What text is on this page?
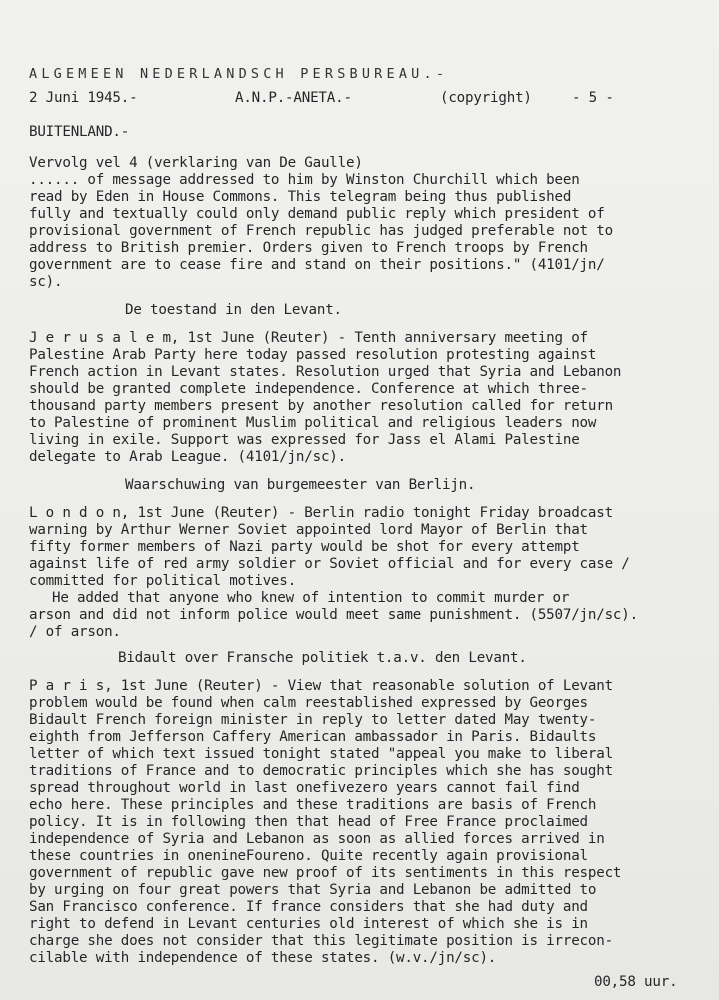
ALGEMEEN NEDERLANDSCH PERSBUREAU.-
2 Juni 1945.-	A.N.P.-ANETA.-	(copyright)	- 5 -
BUITENLAND.-
Vervolg vel 4 (verklaring van De Gaulle)
...... of message addressed to him by Winston Churchill which been
read by Eden in House Commons. This telegram being thus published
fully and textually could only demand public reply which president of
provisional government of French republic has judged preferable not to
address to British premier. Orders given to French troops by French
government are to cease fire and stand on their positions." (4101/jn/
sc).
De toestand in den Levant.
J e r u s a l e m, 1st June (Reuter) - Tenth anniversary meeting of
Palestine Arab Party here today passed resolution protesting against
French action in Levant states. Resolution urged that Syria and Lebanon
should be granted complete independence. Conference at which three-
thousand party members present by another resolution called for return
to Palestine of prominent Muslim political and religious leaders now
living in exile. Support was expressed for Jass el Alami Palestine
delegate to Arab League. (4101/jn/sc).
Waarschuwing van burgemeester van Berlijn.
L o n d o n, 1st June (Reuter) - Berlin radio tonight Friday broadcast
warning by Arthur Werner Soviet appointed lord Mayor of Berlin that
fifty former members of Nazi party would be shot for every attempt
against life of red army soldier or Soviet official and for every case /
committed for political motives.
He added that anyone who knew of intention to commit murder or
arson and did not inform police would meet same punishment. (5507/jn/sc).
/ of arson.
Bidault over Fransche politiek t.a.v. den Levant.
P a r i s, 1st June (Reuter) - View that reasonable solution of Levant
problem would be found when calm reestablished expressed by Georges
Bidault French foreign minister in reply to letter dated May twenty-
eighth from Jefferson Caffery American ambassador in Paris. Bidaults
letter of which text issued tonight stated "appeal you make to liberal
traditions of France and to democratic principles which she has sought
spread throughout world in last onefivezero years cannot fail find
echo here. These principles and these traditions are basis of French
policy. It is in following then that head of Free France proclaimed
independence of Syria and Lebanon as soon as allied forces arrived in
these countries in onenineFoureno. Quite recently again provisional
government of republic gave new proof of its sentiments in this respect
by urging on four great powers that Syria and Lebanon be admitted to
San Francisco conference. If france considers that she had duty and
right to defend in Levant centuries old interest of which she is in
charge she does not consider that this legitimate position is irrecon-
cilable with independence of these states. (w.v./jn/sc).
00,58 uur.
